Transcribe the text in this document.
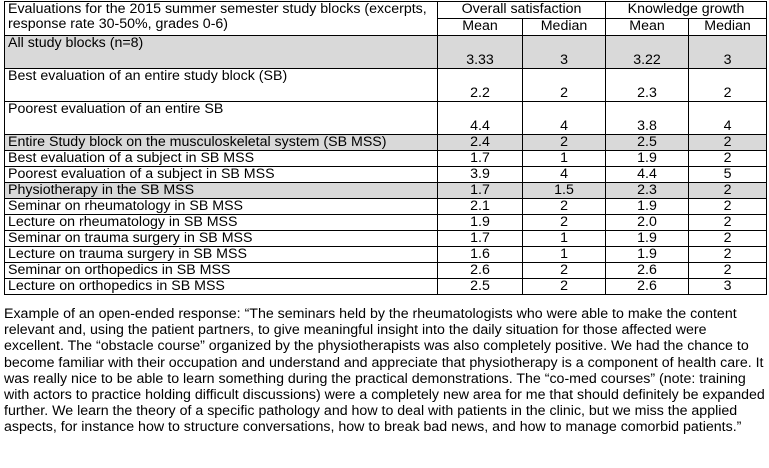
Evaluations for the 2015 summer semester study blocks (excerpts, response rate 30-50%, grades 0-6)	Overall satisfaction		Knowledge growth	
	Mean	Median	Mean	Median
All study blocks (n=8)	3.33	3	3.22	3
Best evaluation of an entire study block (SB)	2.2	2	2.3	2
Poorest evaluation of an entire SB	4.4	4	3.8	4
Entire Study block on the musculoskeletal system (SB MSS)	2.4	2	2.5	2
Best evaluation of a subject in SB MSS	1.7	1	1.9	2
Poorest evaluation of a subject in SB MSS	3.9	4	4.4	5
Physiotherapy in the SB MSS	1.7	1.5	2.3	2
Seminar on rheumatology in SB MSS	2.1	2	1.9	2
Lecture on rheumatology in SB MSS	1.9	2	2.0	2
Seminar on trauma surgery in SB MSS	1.7	1	1.9	2
Lecture on trauma surgery in SB MSS	1.6	1	1.9	2
Seminar on orthopedics in SB MSS	2.6	2	2.6	2
Lecture on orthopedics in SB MSS	2.5	2	2.6	3

Example of an open-ended response: “The seminars held by the rheumatologists who were able to make the content relevant and, using the patient partners, to give meaningful insight into the daily situation for those affected were excellent. The “obstacle course” organized by the physiotherapists was also completely positive. We had the chance to become familiar with their occupation and understand and appreciate that physiotherapy is a component of health care. It was really nice to be able to learn something during the practical demonstrations. The “co-med courses” (note: training with actors to practice holding difficult discussions) were a completely new area for me that should definitely be expanded further. We learn the theory of a specific pathology and how to deal with patients in the clinic, but we miss the applied aspects, for instance how to structure conversations, how to break bad news, and how to manage comorbid patients.”
